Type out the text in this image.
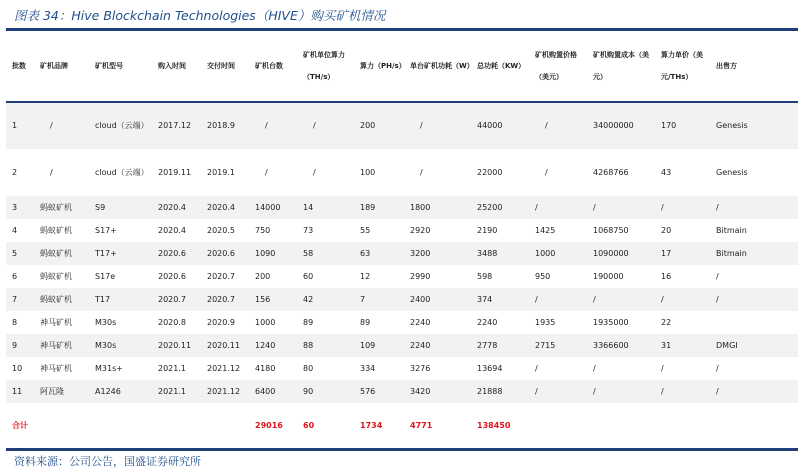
图表 34：Hive Blockchain Technologies（HIVE）购买矿机情况
批数	矿机品牌	矿机型号	购入时间	交付时间	矿机台数	矿机单位算力（TH/s）	算力（PH/s）	单台矿机功耗（W）	总功耗（KW）	矿机购置价格（美元）	矿机购置成本（美元）	算力单价（美元/THs）	出售方
1	/	cloud（云端）	2017.12	2018.9	/	/	200	/	44000	/	34000000	170	Genesis
2	/	cloud（云端）	2019.11	2019.1	/	/	100	/	22000	/	4268766	43	Genesis
3	蚂蚁矿机	S9	2020.4	2020.4	14000	14	189	1800	25200	/	/	/	/
4	蚂蚁矿机	S17+	2020.4	2020.5	750	73	55	2920	2190	1425	1068750	20	Bitmain
5	蚂蚁矿机	T17+	2020.6	2020.6	1090	58	63	3200	3488	1000	1090000	17	Bitmain
6	蚂蚁矿机	S17e	2020.6	2020.7	200	60	12	2990	598	950	190000	16	/
7	蚂蚁矿机	T17	2020.7	2020.7	156	42	7	2400	374	/	/	/	/
8	神马矿机	M30s	2020.8	2020.9	1000	89	89	2240	2240	1935	1935000	22	
9	神马矿机	M30s	2020.11	2020.11	1240	88	109	2240	2778	2715	3366600	31	DMGI
10	神马矿机	M31s+	2021.1	2021.12	4180	80	334	3276	13694	/	/	/	/
11	阿瓦隆	A1246	2021.1	2021.12	6400	90	576	3420	21888	/	/	/	/
合计					29016	60	1734	4771	138450				
资料来源：公司公告，国盛证券研究所
